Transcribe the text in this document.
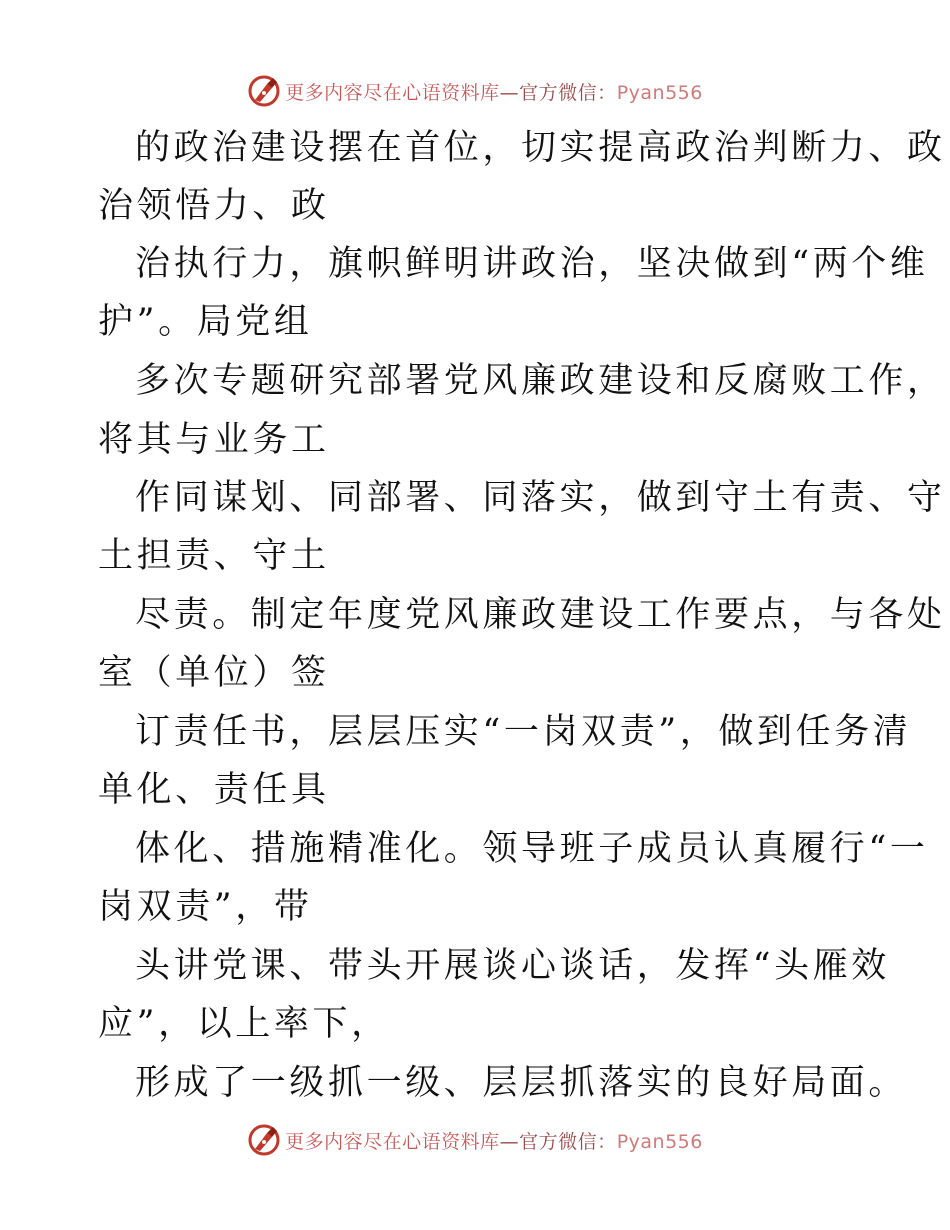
更多内容尽在心语资料库—官方微信：Pyan556
的政治建设摆在首位，切实提高政治判断力、政
治领悟力、政
治执行力，旗帜鲜明讲政治，坚决做到“两个维
护”。局党组
多次专题研究部署党风廉政建设和反腐败工作，
将其与业务工
作同谋划、同部署、同落实，做到守土有责、守
土担责、守土
尽责。制定年度党风廉政建设工作要点，与各处
室（单位）签
订责任书，层层压实“一岗双责”，做到任务清
单化、责任具
体化、措施精准化。领导班子成员认真履行“一
岗双责”，带
头讲党课、带头开展谈心谈话，发挥“头雁效
应”，以上率下，
形成了一级抓一级、层层抓落实的良好局面。
更多内容尽在心语资料库—官方微信：Pyan556
